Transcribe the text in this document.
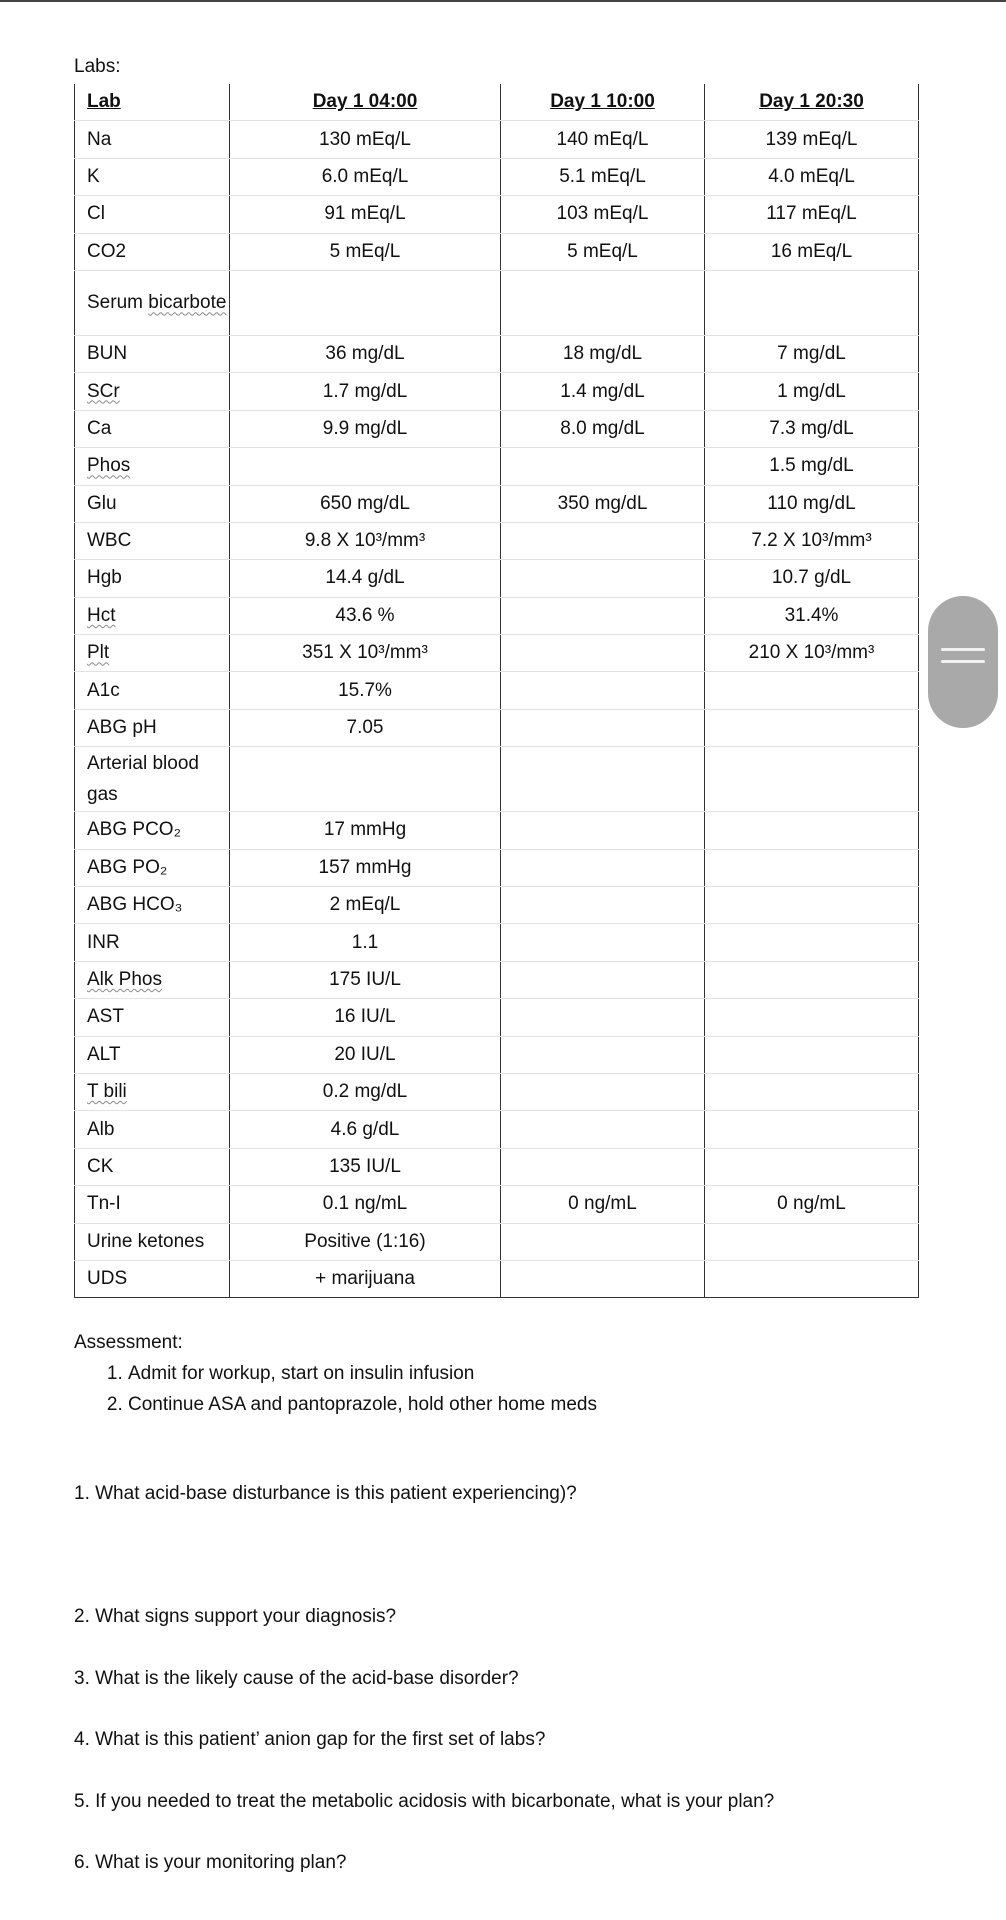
Labs:
Lab	Day 1 04:00	Day 1 10:00	Day 1 20:30
Na	130 mEq/L	140 mEq/L	139 mEq/L
K	6.0 mEq/L	5.1 mEq/L	4.0 mEq/L
Cl	91 mEq/L	103 mEq/L	117 mEq/L
CO2	5 mEq/L	5 mEq/L	16 mEq/L
Serum bicarbote			
BUN	36 mg/dL	18 mg/dL	7 mg/dL
SCr	1.7 mg/dL	1.4 mg/dL	1 mg/dL
Ca	9.9 mg/dL	8.0 mg/dL	7.3 mg/dL
Phos			1.5 mg/dL
Glu	650 mg/dL	350 mg/dL	110 mg/dL
WBC	9.8 X 10³/mm³		7.2 X 10³/mm³
Hgb	14.4 g/dL		10.7 g/dL
Hct	43.6 %		31.4%
Plt	351 X 10³/mm³		210 X 10³/mm³
A1c	15.7%		
ABG pH	7.05		
Arterial blood gas			
ABG PCO₂	17 mmHg		
ABG PO₂	157 mmHg		
ABG HCO₃	2 mEq/L		
INR	1.1		
Alk Phos	175 IU/L		
AST	16 IU/L		
ALT	20 IU/L		
T bili	0.2 mg/dL		
Alb	4.6 g/dL		
CK	135 IU/L		
Tn-I	0.1 ng/mL	0 ng/mL	0 ng/mL
Urine ketones	Positive (1:16)		
UDS	+ marijuana		
Assessment:
1. Admit for workup, start on insulin infusion
2. Continue ASA and pantoprazole, hold other home meds
1. What acid-base disturbance is this patient experiencing)?
2. What signs support your diagnosis?
3. What is the likely cause of the acid-base disorder?
4. What is this patient’ anion gap for the first set of labs?
5. If you needed to treat the metabolic acidosis with bicarbonate, what is your plan?
6. What is your monitoring plan?
